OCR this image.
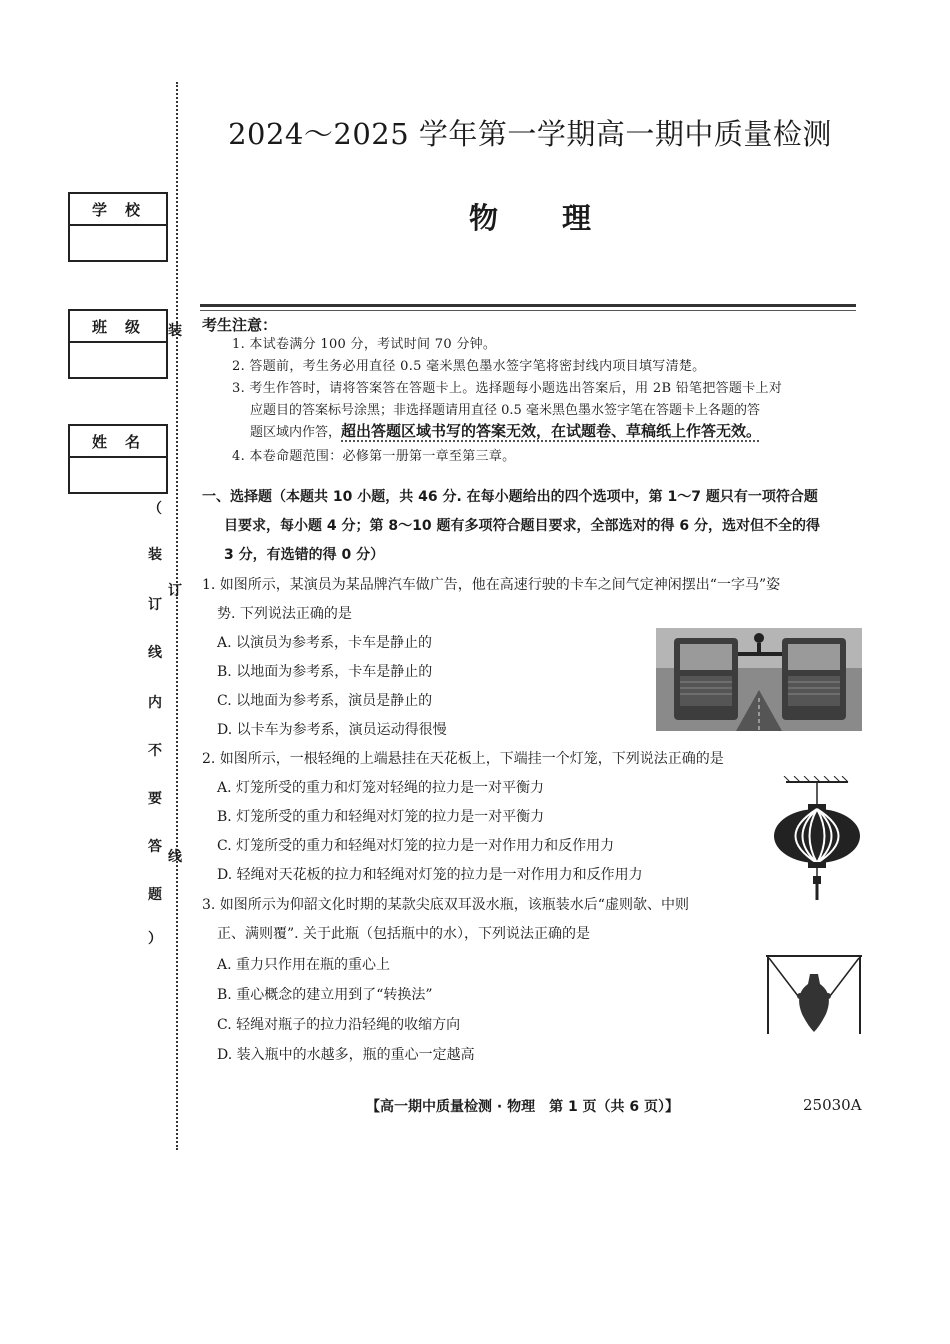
学校
班级
姓名
装
订
线
（
装
订
线
内
不
要
答
题
）
2024～2025 学年第一学期高一期中质量检测
物理
考生注意：
1. 本试卷满分 100 分，考试时间 70 分钟。
2. 答题前，考生务必用直径 0.5 毫米黑色墨水签字笔将密封线内项目填写清楚。
3. 考生作答时，请将答案答在答题卡上。选择题每小题选出答案后，用 2B 铅笔把答题卡上对
应题目的答案标号涂黑；非选择题请用直径 0.5 毫米黑色墨水签字笔在答题卡上各题的答
题区域内作答，超出答题区域书写的答案无效，在试题卷、草稿纸上作答无效。
4. 本卷命题范围：必修第一册第一章至第三章。
一、选择题（本题共 10 小题，共 46 分. 在每小题给出的四个选项中，第 1～7 题只有一项符合题
目要求，每小题 4 分；第 8～10 题有多项符合题目要求，全部选对的得 6 分，选对但不全的得
3 分，有选错的得 0 分）
1. 如图所示，某演员为某品牌汽车做广告，他在高速行驶的卡车之间气定神闲摆出“一字马”姿
势. 下列说法正确的是
A. 以演员为参考系，卡车是静止的
B. 以地面为参考系，卡车是静止的
C. 以地面为参考系，演员是静止的
D. 以卡车为参考系，演员运动得很慢
2. 如图所示，一根轻绳的上端悬挂在天花板上，下端挂一个灯笼，下列说法正确的是
A. 灯笼所受的重力和灯笼对轻绳的拉力是一对平衡力
B. 灯笼所受的重力和轻绳对灯笼的拉力是一对平衡力
C. 灯笼所受的重力和轻绳对灯笼的拉力是一对作用力和反作用力
D. 轻绳对天花板的拉力和轻绳对灯笼的拉力是一对作用力和反作用力
3. 如图所示为仰韶文化时期的某款尖底双耳汲水瓶，该瓶装水后“虚则欹、中则
正、满则覆”. 关于此瓶（包括瓶中的水），下列说法正确的是
A. 重力只作用在瓶的重心上
B. 重心概念的建立用到了“转换法”
C. 轻绳对瓶子的拉力沿轻绳的收缩方向
D. 装入瓶中的水越多，瓶的重心一定越高
【高一期中质量检测 · 物理　第 1 页（共 6 页）】	25030A
